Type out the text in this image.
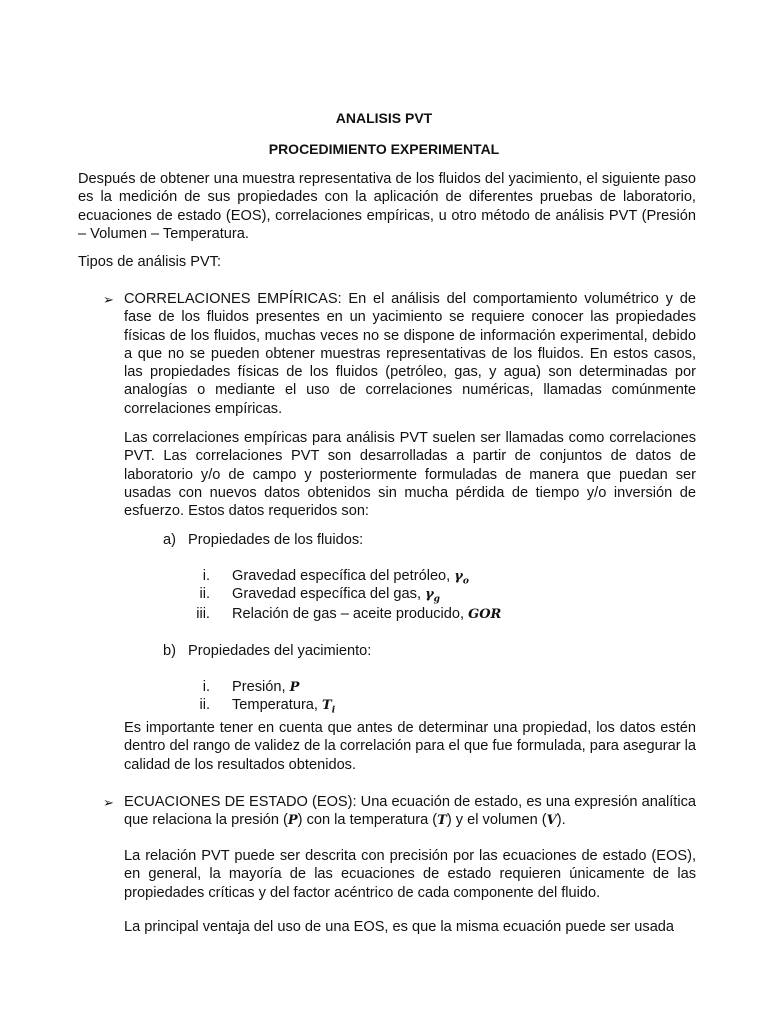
ANALISIS PVT
PROCEDIMIENTO EXPERIMENTAL

Después de obtener una muestra representativa de los fluidos del yacimiento, el siguiente paso es la medición de sus propiedades con la aplicación de diferentes pruebas de laboratorio, ecuaciones de estado (EOS), correlaciones empíricas, u otro método de análisis PVT (Presión – Volumen – Temperatura.

Tipos de análisis PVT:

➢ CORRELACIONES EMPÍRICAS: En el análisis del comportamiento volumétrico y de fase de los fluidos presentes en un yacimiento se requiere conocer las propiedades físicas de los fluidos, muchas veces no se dispone de información experimental, debido a que no se pueden obtener muestras representativas de los fluidos. En estos casos, las propiedades físicas de los fluidos (petróleo, gas, y agua) son determinadas por analogías o mediante el uso de correlaciones numéricas, llamadas comúnmente correlaciones empíricas.

Las correlaciones empíricas para análisis PVT suelen ser llamadas como correlaciones PVT. Las correlaciones PVT son desarrolladas a partir de conjuntos de datos de laboratorio y/o de campo y posteriormente formuladas de manera que puedan ser usadas con nuevos datos obtenidos sin mucha pérdida de tiempo y/o inversión de esfuerzo. Estos datos requeridos son:

a) Propiedades de los fluidos:
i. Gravedad específica del petróleo, $\gamma_o$
ii. Gravedad específica del gas, $\gamma_g$
iii. Relación de gas – aceite producido, GOR
b) Propiedades del yacimiento:
i. Presión, P
ii. Temperatura, $T_i$

Es importante tener en cuenta que antes de determinar una propiedad, los datos estén dentro del rango de validez de la correlación para el que fue formulada, para asegurar la calidad de los resultados obtenidos.

➢ ECUACIONES DE ESTADO (EOS): Una ecuación de estado, es una expresión analítica que relaciona la presión (P) con la temperatura (T) y el volumen (V).

La relación PVT puede ser descrita con precisión por las ecuaciones de estado (EOS), en general, la mayoría de las ecuaciones de estado requieren únicamente de las propiedades críticas y del factor acéntrico de cada componente del fluido.

La principal ventaja del uso de una EOS, es que la misma ecuación puede ser usada
